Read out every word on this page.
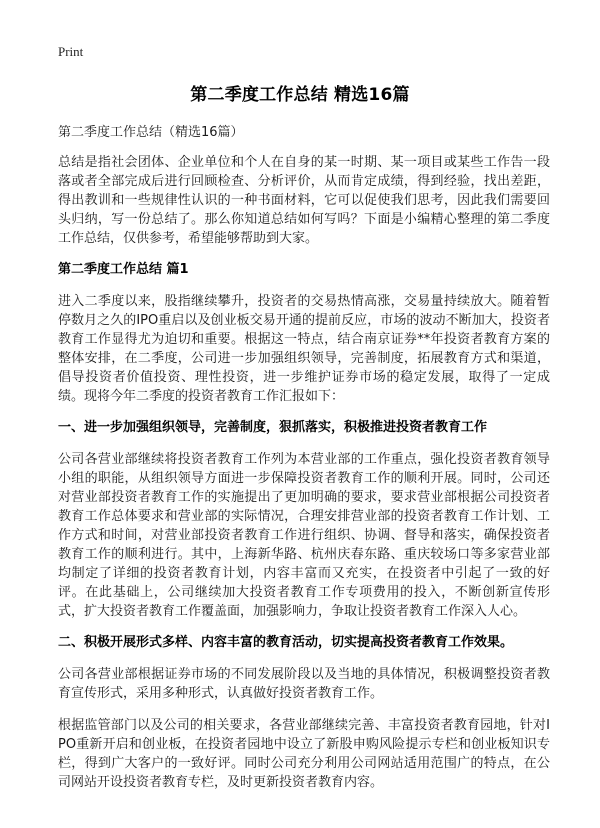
Print
第二季度工作总结 精选16篇

第二季度工作总结（精选16篇）

总结是指社会团体、企业单位和个人在自身的某一时期、某一项目或某些工作告一段落或者全部完成后进行回顾检查、分析评价，从而肯定成绩，得到经验，找出差距，得出教训和一些规律性认识的一种书面材料，它可以促使我们思考，因此我们需要回头归纳，写一份总结了。那么你知道总结如何写吗？下面是小编精心整理的第二季度工作总结，仅供参考，希望能够帮助到大家。

第二季度工作总结 篇1

进入二季度以来，股指继续攀升，投资者的交易热情高涨，交易量持续放大。随着暂停数月之久的IPO重启以及创业板交易开通的提前反应，市场的波动不断加大，投资者教育工作显得尤为迫切和重要。根据这一特点，结合南京证券**年投资者教育方案的整体安排，在二季度，公司进一步加强组织领导，完善制度，拓展教育方式和渠道，倡导投资者价值投资、理性投资，进一步维护证券市场的稳定发展，取得了一定成绩。现将今年二季度的投资者教育工作汇报如下：

一、进一步加强组织领导，完善制度，狠抓落实，积极推进投资者教育工作

公司各营业部继续将投资者教育工作列为本营业部的工作重点，强化投资者教育领导小组的职能，从组织领导方面进一步保障投资者教育工作的顺利开展。同时，公司还对营业部投资者教育工作的实施提出了更加明确的要求，要求营业部根据公司投资者教育工作总体要求和营业部的实际情况，合理安排营业部的投资者教育工作计划、工作方式和时间，对营业部投资者教育工作进行组织、协调、督导和落实，确保投资者教育工作的顺利进行。其中，上海新华路、杭州庆春东路、重庆较场口等多家营业部均制定了详细的投资者教育计划，内容丰富而又充实，在投资者中引起了一致的好评。在此基础上，公司继续加大投资者教育工作专项费用的投入，不断创新宣传形式，扩大投资者教育工作覆盖面，加强影响力，争取让投资者教育工作深入人心。

二、积极开展形式多样、内容丰富的教育活动，切实提高投资者教育工作效果。

公司各营业部根据证券市场的不同发展阶段以及当地的具体情况，积极调整投资者教育宣传形式，采用多种形式，认真做好投资者教育工作。

根据监管部门以及公司的相关要求，各营业部继续完善、丰富投资者教育园地，针对IPO重新开启和创业板，在投资者园地中设立了新股申购风险提示专栏和创业板知识专栏，得到广大客户的一致好评。同时公司充分利用公司网站适用范围广的特点，在公司网站开设投资者教育专栏，及时更新投资者教育内容。
